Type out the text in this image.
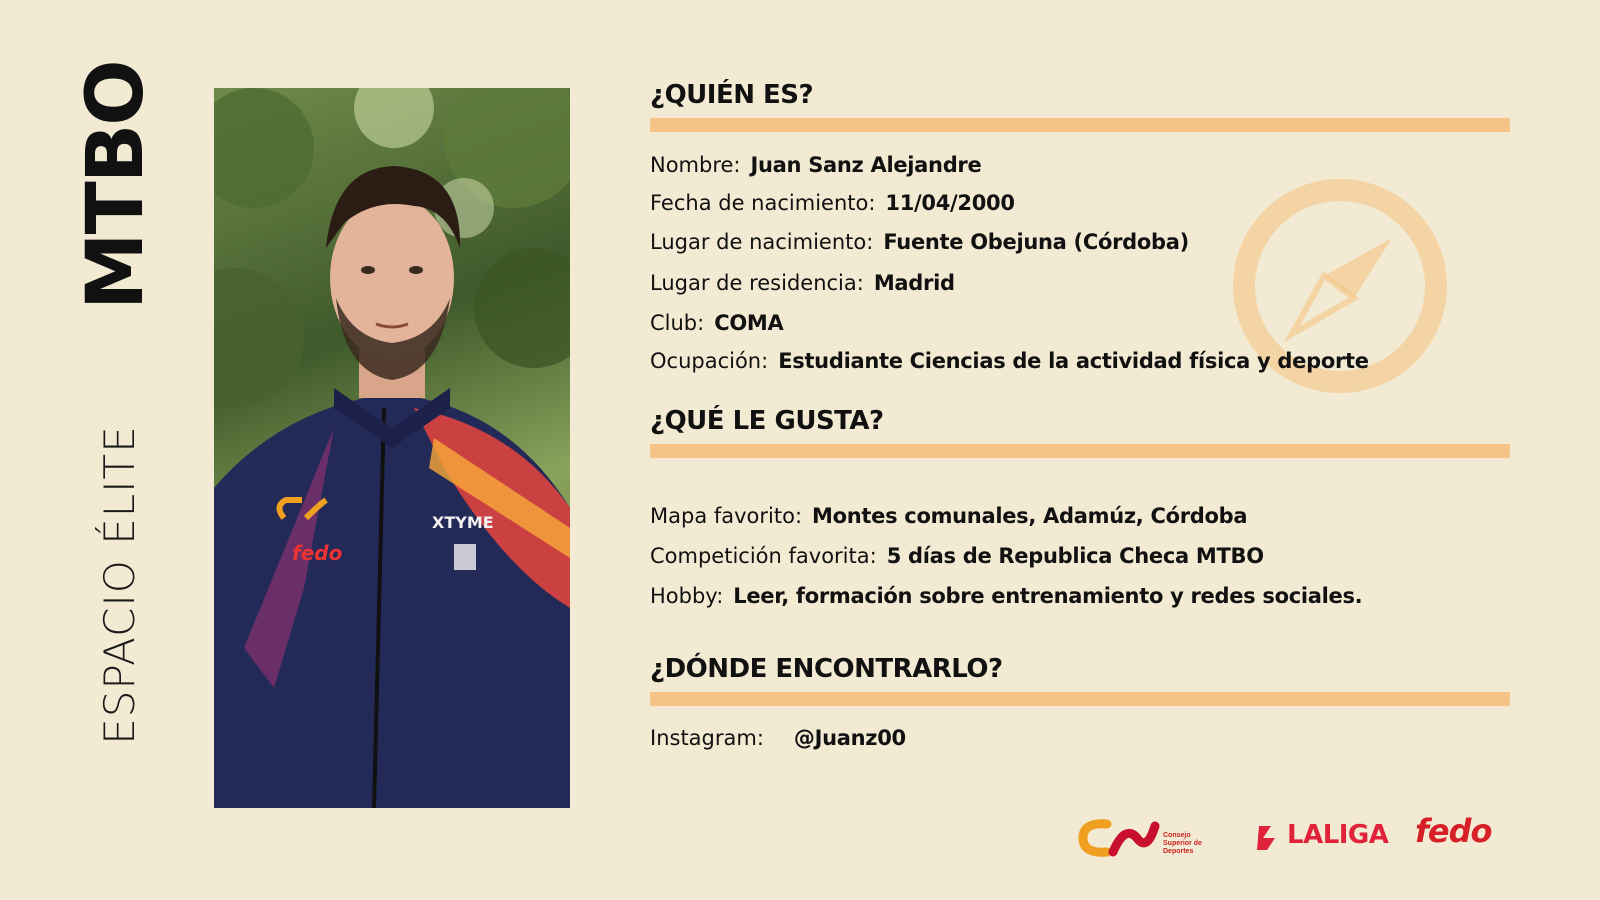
MTBO
ESPACIO ÉLITE	fedo
XTYME
¿QUIÉN ES?
Nombre: Juan Sanz Alejandre
Fecha de nacimiento: 11/04/2000
Lugar de nacimiento: Fuente Obejuna (Córdoba)
Lugar de residencia: Madrid
Club: COMA
Ocupación: Estudiante Ciencias de la actividad física y deporte
¿QUÉ LE GUSTA?
Mapa favorito: Montes comunales, Adamúz, Córdoba
Competición favorita: 5 días de Republica Checa MTBO
Hobby: Leer, formación sobre entrenamiento y redes sociales.
¿DÓNDE ENCONTRARLO?
Instagram: @Juanz00
Consejo Superior de Deportes
LALIGA fedo
